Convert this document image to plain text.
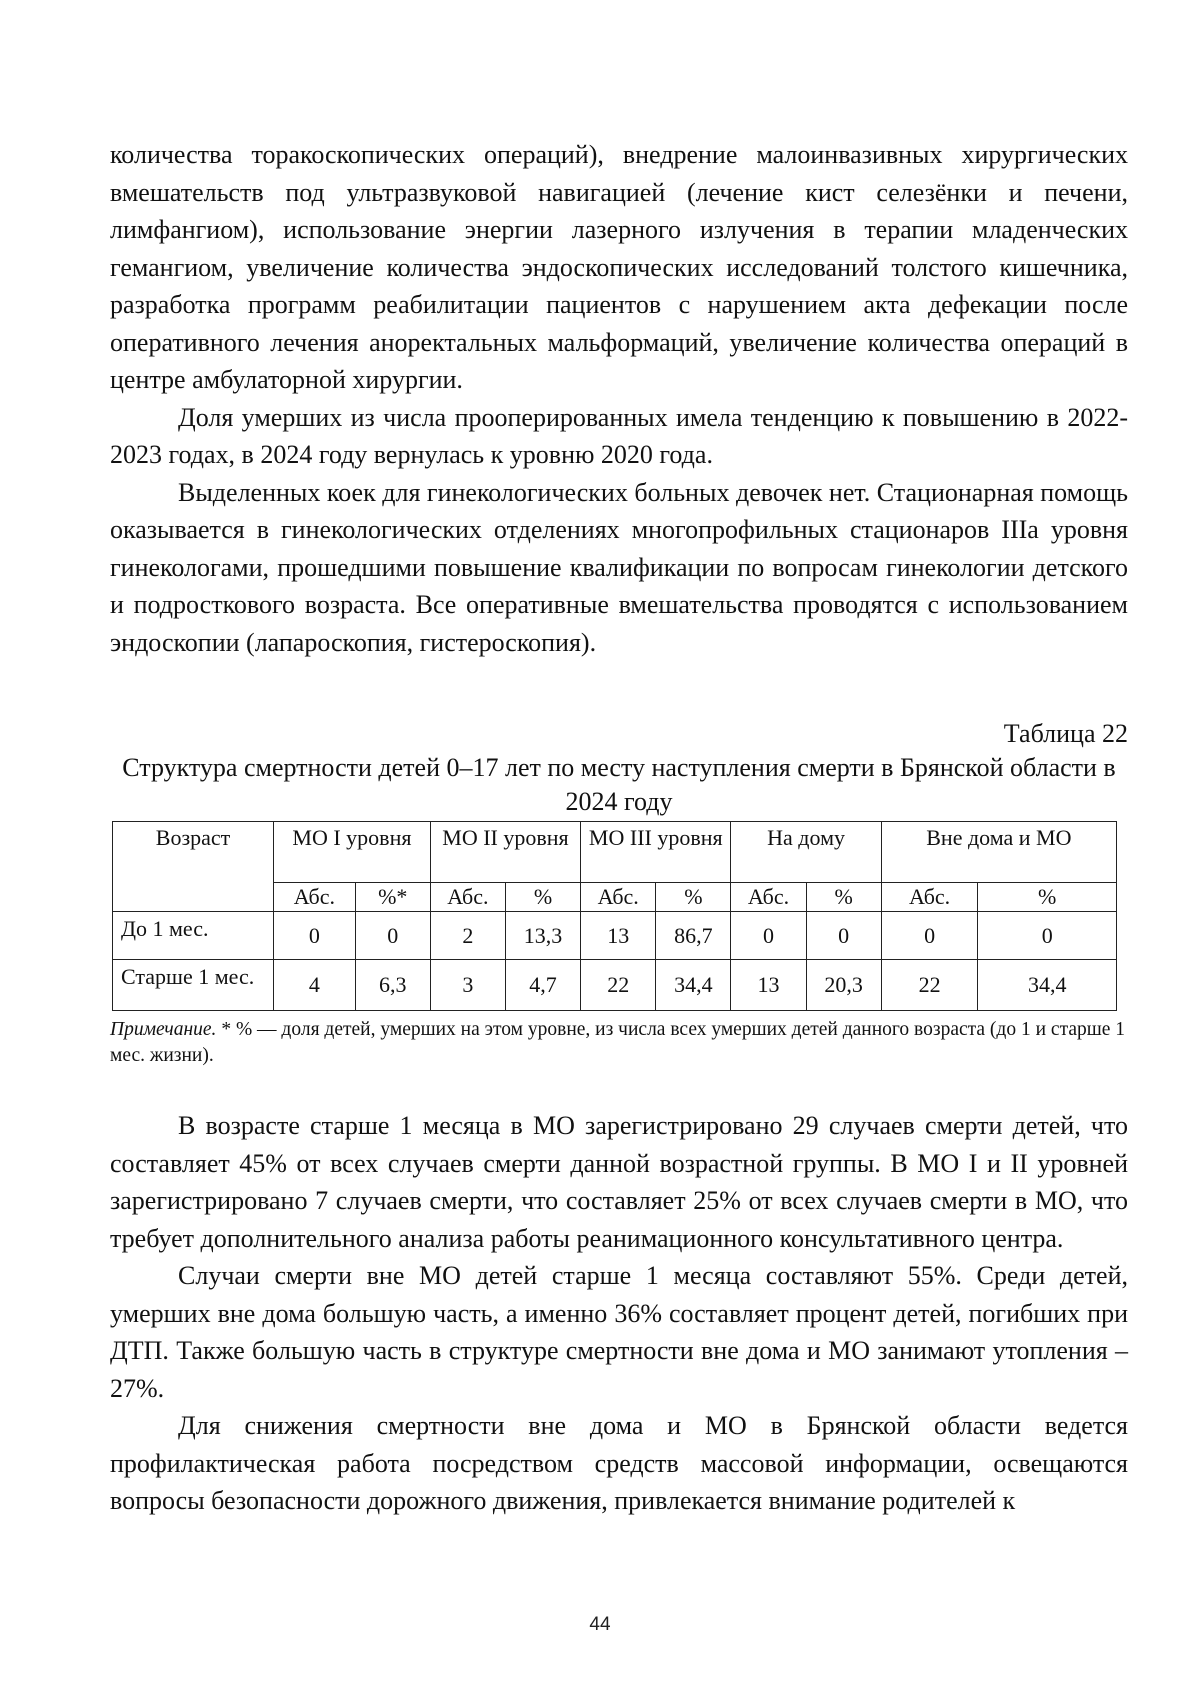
количества торакоскопических операций), внедрение малоинвазивных хирургических вмешательств под ультразвуковой навигацией (лечение кист селезёнки и печени, лимфангиом), использование энергии лазерного излучения в терапии младенческих гемангиом, увеличение количества эндоскопических исследований толстого кишечника, разработка программ реабилитации пациентов с нарушением акта дефекации после оперативного лечения аноректальных мальформаций, увеличение количества операций в центре амбулаторной хирургии.

Доля умерших из числа прооперированных имела тенденцию к повышению в 2022-2023 годах, в 2024 году вернулась к уровню 2020 года.

Выделенных коек для гинекологических больных девочек нет. Стационарная помощь оказывается в гинекологических отделениях многопрофильных стационаров IIIa уровня гинекологами, прошедшими повышение квалификации по вопросам гинекологии детского и подросткового возраста. Все оперативные вмешательства проводятся с использованием эндоскопии (лапароскопия, гистероскопия).

Таблица 22

Структура смертности детей 0–17 лет по месту наступления смерти в Брянской области в 2024 году

Возраст	МО I уровня		МО II уровня		МО III уровня		На дому		Вне дома и МО	
	Абс.	%*	Абс.	%	Абс.	%	Абс.	%	Абс.	%
До 1 мес.	0	0	2	13,3	13	86,7	0	0	0	0
Старше 1 мес.	4	6,3	3	4,7	22	34,4	13	20,3	22	34,4
Примечание. * % — доля детей, умерших на этом уровне, из числа всех умерших детей данного возраста (до 1 и старше 1 мес. жизни).

В возрасте старше 1 месяца в МО зарегистрировано 29 случаев смерти детей, что составляет 45% от всех случаев смерти данной возрастной группы. В МО I и II уровней зарегистрировано 7 случаев смерти, что составляет 25% от всех случаев смерти в МО, что требует дополнительного анализа работы реанимационного консультативного центра.

Случаи смерти вне МО детей старше 1 месяца составляют 55%. Среди детей, умерших вне дома большую часть, а именно 36% составляет процент детей, погибших при ДТП. Также большую часть в структуре смертности вне дома и МО занимают утопления – 27%.

Для снижения смертности вне дома и МО в Брянской области ведется профилактическая работа посредством средств массовой информации, освещаются вопросы безопасности дорожного движения, привлекается внимание родителей к

44
